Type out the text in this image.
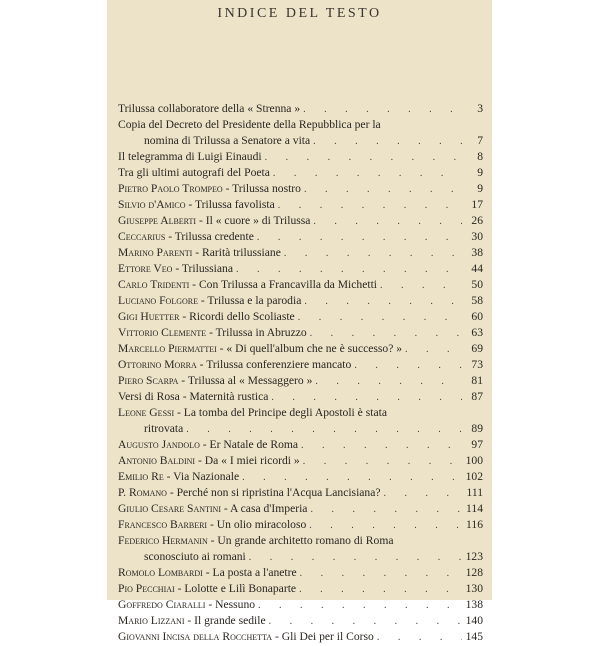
INDICE DEL TESTO
Trilussa collaboratore della « Strenna » . . .	3
Copia del Decreto del Presidente della Repubblica per la
nomina di Trilussa a Senatore a vita . . .	7
Il telegramma di Luigi Einaudi . . .	8
Tra gli ultimi autografi del Poeta . . .	9
Pietro Paolo Trompeo - Trilussa nostro . . .	9
Silvio d'Amico - Trilussa favolista . . .	17
Giuseppe Alberti - Il « cuore » di Trilussa . . .	26
Ceccarius - Trilussa credente . . .	30
Marino Parenti - Rarità trilussiane . . .	38
Ettore Veo - Trilussiana . . .	44
Carlo Tridenti - Con Trilussa a Francavilla da Michetti . . .	50
Luciano Folgore - Trilussa e la parodia . . .	58
Gigi Huetter - Ricordi dello Scoliaste . . .	60
Vittorio Clemente - Trilussa in Abruzzo . . .	63
Marcello Piermattei - « Di quell'album che ne è successo? » . . .	69
Ottorino Morra - Trilussa conferenziere mancato . . .	73
Piero Scarpa - Trilussa al « Messaggero » . . .	81
Versi di Rosa - Maternità rustica . . .	87
Leone Gessi - La tomba del Principe degli Apostoli è stata
ritrovata . . .	89
Augusto Jandolo - Er Natale de Roma . . .	97
Antonio Baldini - Da « I miei ricordi » . . .	100
Emilio Re - Via Nazionale . . .	102
P. Romano - Perché non si ripristina l'Acqua Lancisiana? . . .	111
Giulio Cesare Santini - A casa d'Imperia . . .	114
Francesco Barberi - Un olio miracoloso . . .	116
Federico Hermanin - Un grande architetto romano di Roma
sconosciuto ai romani . . .	123
Romolo Lombardi - La posta a l'anetre . . .	128
Pio Pecchiai - Lolotte e Lilì Bonaparte . . .	130
Goffredo Ciaralli - Nessuno . . .	138
Mario Lizzani - Il grande sedile . . .	140
Giovanni Incisa della Rocchetta - Gli Dei per il Corso . . .	145
